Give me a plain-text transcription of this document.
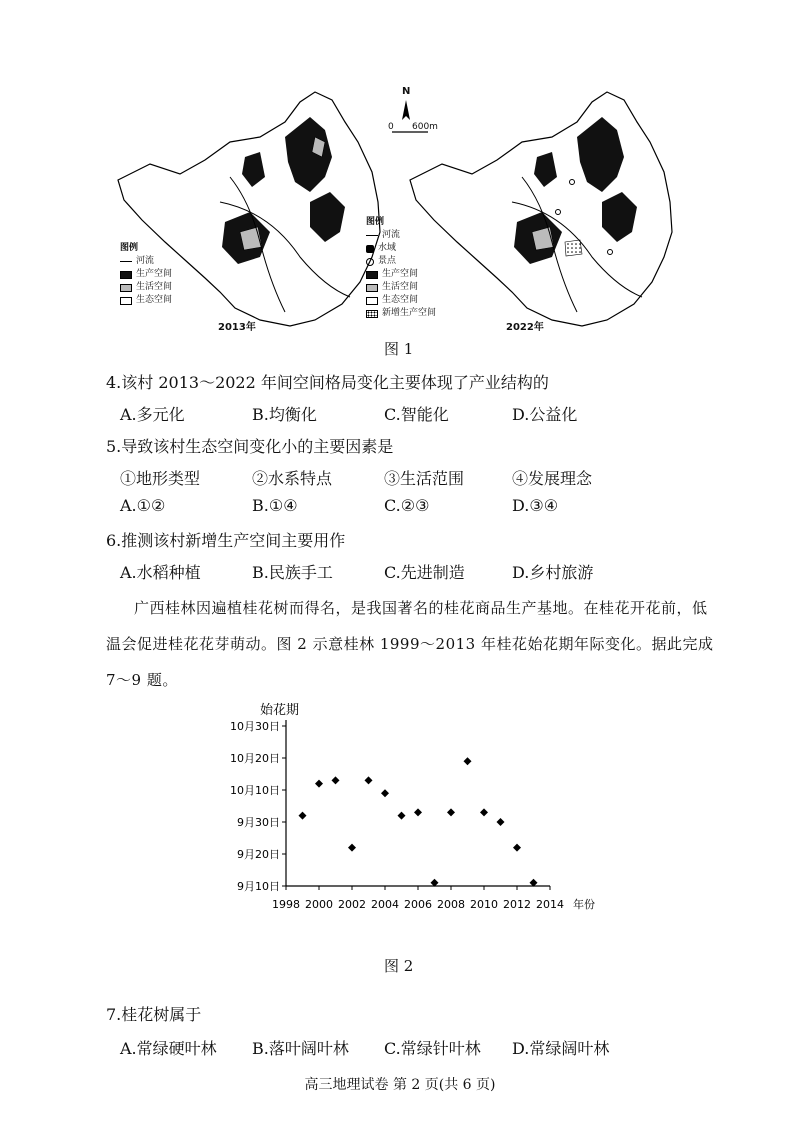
N
0 600m
2013年	2022年
图例
河流
生产空间
生活空间
生态空间
图例
河流
水域
景点
生产空间
生活空间
生态空间
新增生产空间
图 1
4.该村 2013～2022 年间空间格局变化主要体现了产业结构的
A.多元化	B.均衡化	C.智能化	D.公益化
5.导致该村生态空间变化小的主要因素是
①地形类型	②水系特点	③生活范围	④发展理念
A.①②	B.①④	C.②③	D.③④
6.推测该村新增生产空间主要用作
A.水稻种植	B.民族手工	C.先进制造	D.乡村旅游

广西桂林因遍植桂花树而得名，是我国著名的桂花商品生产基地。在桂花开花前，低温会促进桂花花芽萌动。图 2 示意桂林 1999～2013 年桂花始花期年际变化。据此完成 7～9 题。

始花期
9月10日
9月20日
9月30日
10月10日
10月20日
10月30日
1998 2000 2002 2004 2006 2008 2010 2012 2014 年份
图 2
7.桂花树属于
A.常绿硬叶林 B.落叶阔叶林 C.常绿针叶林 D.常绿阔叶林
高三地理试卷 第 2 页(共 6 页)
